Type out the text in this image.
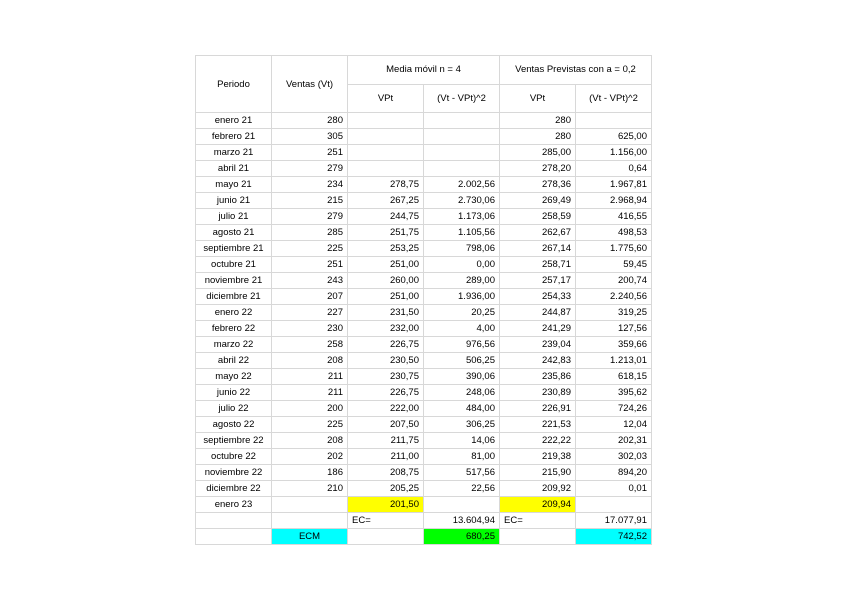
Periodo	Ventas (Vt)	Media móvil n = 4		Ventas Previstas con a = 0,2	
		VPt	(Vt - VPt)^2	VPt	(Vt - VPt)^2
enero 21	280			280	
febrero 21	305			280	625,00
marzo 21	251			285,00	1.156,00
abril 21	279			278,20	0,64
mayo 21	234	278,75	2.002,56	278,36	1.967,81
junio 21	215	267,25	2.730,06	269,49	2.968,94
julio 21	279	244,75	1.173,06	258,59	416,55
agosto 21	285	251,75	1.105,56	262,67	498,53
septiembre 21	225	253,25	798,06	267,14	1.775,60
octubre 21	251	251,00	0,00	258,71	59,45
noviembre 21	243	260,00	289,00	257,17	200,74
diciembre 21	207	251,00	1.936,00	254,33	2.240,56
enero 22	227	231,50	20,25	244,87	319,25
febrero 22	230	232,00	4,00	241,29	127,56
marzo 22	258	226,75	976,56	239,04	359,66
abril 22	208	230,50	506,25	242,83	1.213,01
mayo 22	211	230,75	390,06	235,86	618,15
junio 22	211	226,75	248,06	230,89	395,62
julio 22	200	222,00	484,00	226,91	724,26
agosto 22	225	207,50	306,25	221,53	12,04
septiembre 22	208	211,75	14,06	222,22	202,31
octubre 22	202	211,00	81,00	219,38	302,03
noviembre 22	186	208,75	517,56	215,90	894,20
diciembre 22	210	205,25	22,56	209,92	0,01
enero 23		201,50		209,94	
		EC=	13.604,94	EC=	17.077,91
	ECM		680,25		742,52
